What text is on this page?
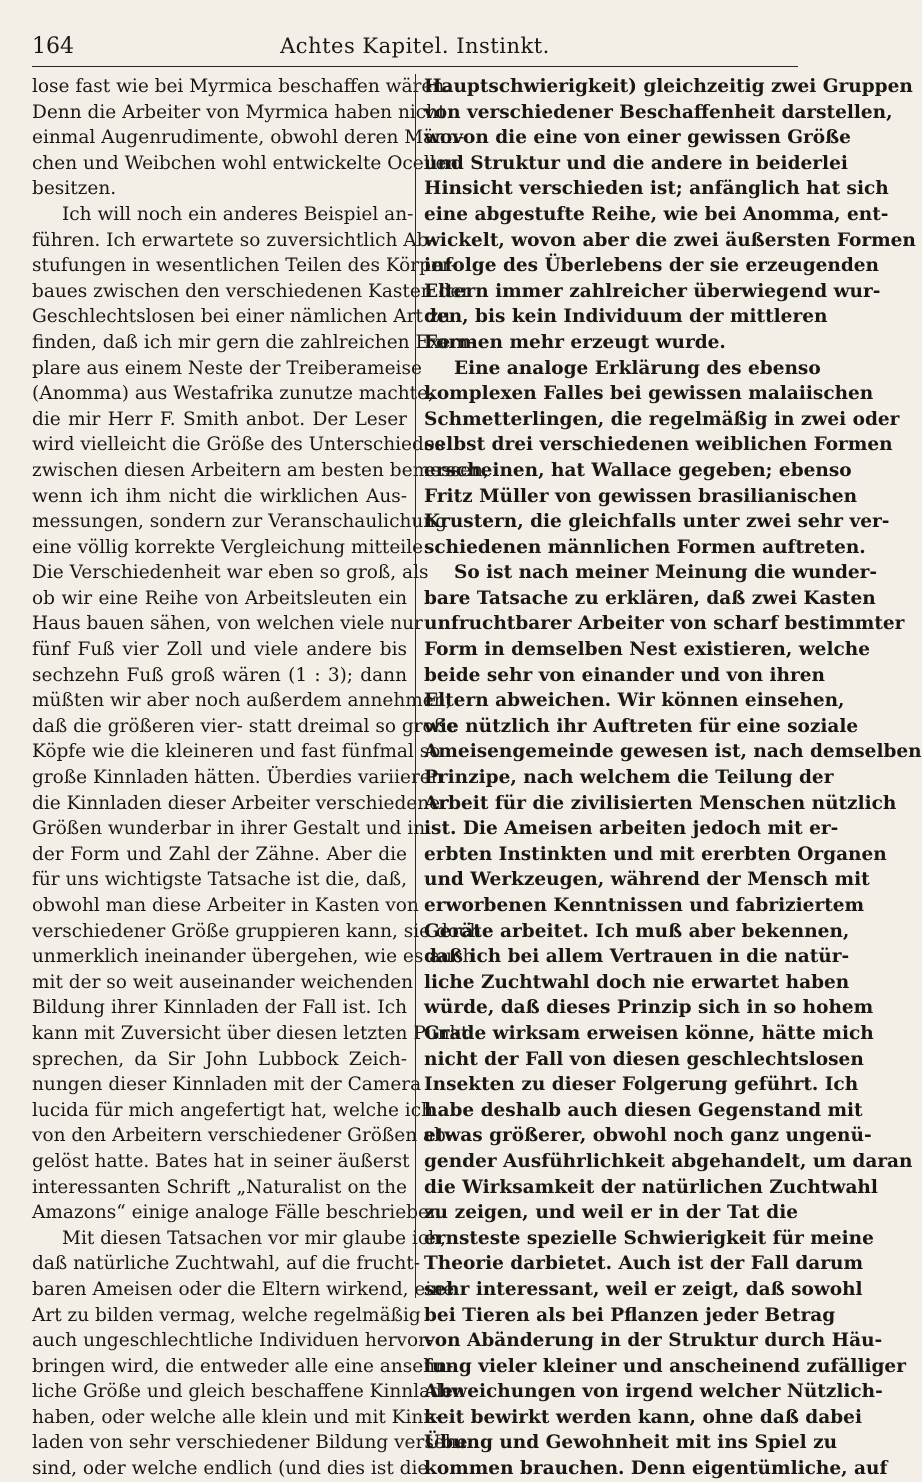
164	Achtes Kapitel. Instinkt.
lose fast wie bei Myrmica beschaffen wären.
Denn die Arbeiter von Myrmica haben nicht
einmal Augenrudimente, obwohl deren Männ-
chen und Weibchen wohl entwickelte Ocellen
besitzen.
Ich will noch ein anderes Beispiel an-
führen. Ich erwartete so zuversichtlich Ab-
stufungen in wesentlichen Teilen des Körper-
baues zwischen den verschiedenen Kasten der
Geschlechtslosen bei einer nämlichen Art zu
finden, daß ich mir gern die zahlreichen Exem-
plare aus einem Neste der Treiberameise
(Anomma) aus Westafrika zunutze machte,
die mir Herr F. Smith anbot. Der Leser
wird vielleicht die Größe des Unterschiedes
zwischen diesen Arbeitern am besten bemessen,
wenn ich ihm nicht die wirklichen Aus-
messungen, sondern zur Veranschaulichung
eine völlig korrekte Vergleichung mitteile.
Die Verschiedenheit war eben so groß, als
ob wir eine Reihe von Arbeitsleuten ein
Haus bauen sähen, von welchen viele nur
fünf Fuß vier Zoll und viele andere bis
sechzehn Fuß groß wären (1 : 3); dann
müßten wir aber noch außerdem annehmen,
daß die größeren vier- statt dreimal so große
Köpfe wie die kleineren und fast fünfmal so
große Kinnladen hätten. Überdies variieren
die Kinnladen dieser Arbeiter verschiedener
Größen wunderbar in ihrer Gestalt und in
der Form und Zahl der Zähne. Aber die
für uns wichtigste Tatsache ist die, daß,
obwohl man diese Arbeiter in Kasten von
verschiedener Größe gruppieren kann, sie doch
unmerklich ineinander übergehen, wie es auch
mit der so weit auseinander weichenden
Bildung ihrer Kinnladen der Fall ist. Ich
kann mit Zuversicht über diesen letzten Punkt
sprechen, da Sir John Lubbock Zeich-
nungen dieser Kinnladen mit der Camera
lucida für mich angefertigt hat, welche ich
von den Arbeitern verschiedener Größen ab-
gelöst hatte. Bates hat in seiner äußerst
interessanten Schrift „Naturalist on the
Amazons“ einige analoge Fälle beschrieben.
Mit diesen Tatsachen vor mir glaube ich,
daß natürliche Zuchtwahl, auf die frucht-
baren Ameisen oder die Eltern wirkend, eine
Art zu bilden vermag, welche regelmäßig
auch ungeschlechtliche Individuen hervor-
bringen wird, die entweder alle eine ansehn-
liche Größe und gleich beschaffene Kinnladen
haben, oder welche alle klein und mit Kinn-
laden von sehr verschiedener Bildung versehen
sind, oder welche endlich (und dies ist die
Hauptschwierigkeit) gleichzeitig zwei Gruppen
von verschiedener Beschaffenheit darstellen,
wovon die eine von einer gewissen Größe
und Struktur und die andere in beiderlei
Hinsicht verschieden ist; anfänglich hat sich
eine abgestufte Reihe, wie bei Anomma, ent-
wickelt, wovon aber die zwei äußersten Formen
infolge des Überlebens der sie erzeugenden
Eltern immer zahlreicher überwiegend wur-
den, bis kein Individuum der mittleren
Formen mehr erzeugt wurde.
Eine analoge Erklärung des ebenso
komplexen Falles bei gewissen malaiischen
Schmetterlingen, die regelmäßig in zwei oder
selbst drei verschiedenen weiblichen Formen
erscheinen, hat Wallace gegeben; ebenso
Fritz Müller von gewissen brasilianischen
Krustern, die gleichfalls unter zwei sehr ver-
schiedenen männlichen Formen auftreten.
So ist nach meiner Meinung die wunder-
bare Tatsache zu erklären, daß zwei Kasten
unfruchtbarer Arbeiter von scharf bestimmter
Form in demselben Nest existieren, welche
beide sehr von einander und von ihren
Eltern abweichen. Wir können einsehen,
wie nützlich ihr Auftreten für eine soziale
Ameisengemeinde gewesen ist, nach demselben
Prinzipe, nach welchem die Teilung der
Arbeit für die zivilisierten Menschen nützlich
ist. Die Ameisen arbeiten jedoch mit er-
erbten Instinkten und mit ererbten Organen
und Werkzeugen, während der Mensch mit
erworbenen Kenntnissen und fabriziertem
Geräte arbeitet. Ich muß aber bekennen,
daß ich bei allem Vertrauen in die natür-
liche Zuchtwahl doch nie erwartet haben
würde, daß dieses Prinzip sich in so hohem
Grade wirksam erweisen könne, hätte mich
nicht der Fall von diesen geschlechtslosen
Insekten zu dieser Folgerung geführt. Ich
habe deshalb auch diesen Gegenstand mit
etwas größerer, obwohl noch ganz ungenü-
gender Ausführlichkeit abgehandelt, um daran
die Wirksamkeit der natürlichen Zuchtwahl
zu zeigen, und weil er in der Tat die
ernsteste spezielle Schwierigkeit für meine
Theorie darbietet. Auch ist der Fall darum
sehr interessant, weil er zeigt, daß sowohl
bei Tieren als bei Pflanzen jeder Betrag
von Abänderung in der Struktur durch Häu-
fung vieler kleiner und anscheinend zufälliger
Abweichungen von irgend welcher Nützlich-
keit bewirkt werden kann, ohne daß dabei
Übung und Gewohnheit mit ins Spiel zu
kommen brauchen. Denn eigentümliche, auf
